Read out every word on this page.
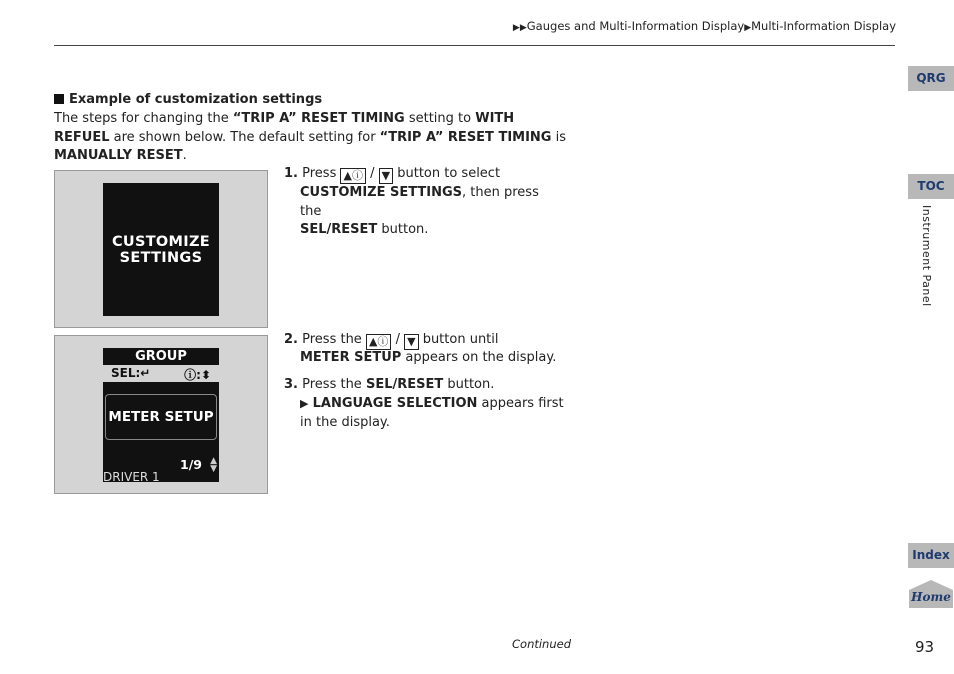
▶▶Gauges and Multi-Information Display▶Multi-Information Display
Example of customization settings
The steps for changing the “TRIP A” RESET TIMING setting to WITH REFUEL are shown below. The default setting for “TRIP A” RESET TIMING is MANUALLY RESET.
CUSTOMIZE
SETTINGS
GROUP
SEL:↵	ⓘ:⬍
METER SETUP
DRIVER 1
1/9 ▲
▼
1. Press ▲ⓘ / ▼ button to select
CUSTOMIZE SETTINGS, then press the
SEL/RESET button.
2. Press the ▲ⓘ / ▼ button until
3. Press the SEL/RESET button.
▶ LANGUAGE SELECTION appears first in the display.
METER SETUP appears on the display.
QRG
TOC
Instrument Panel
Index
Home
Continued	93
